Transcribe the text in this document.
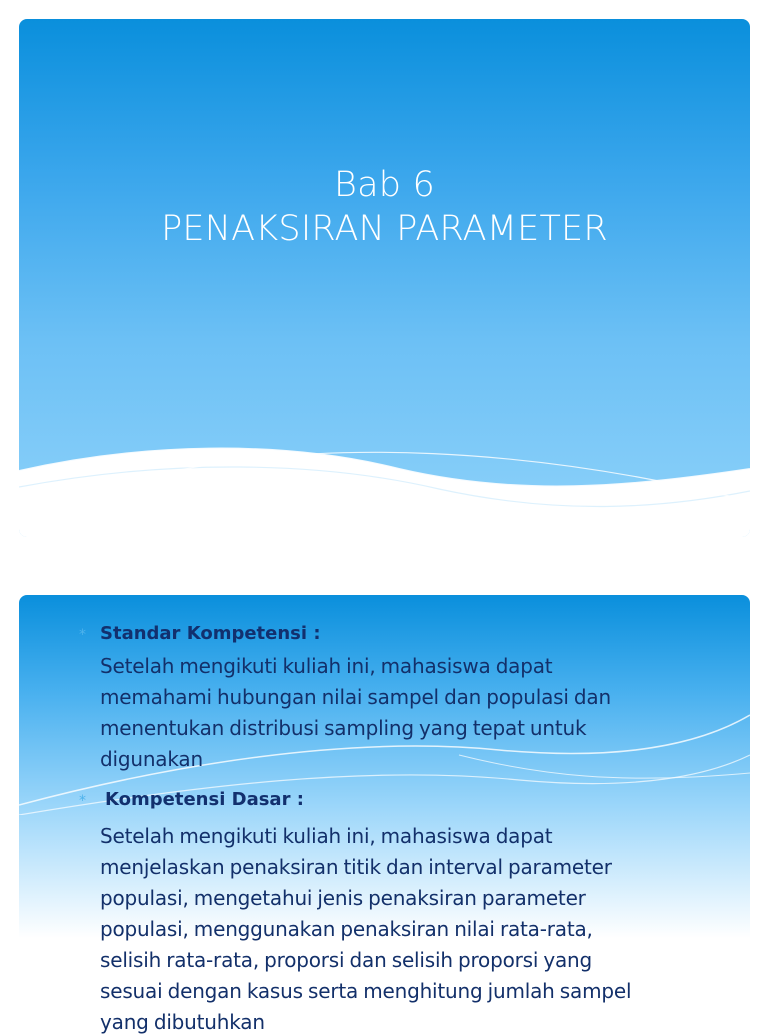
Bab 6
PENAKSIRAN PARAMETER
* Standar Kompetensi :
Setelah mengikuti kuliah ini, mahasiswa dapat
memahami hubungan nilai sampel dan populasi dan
menentukan distribusi sampling yang tepat untuk
digunakan
*	Kompetensi Dasar :
Setelah mengikuti kuliah ini, mahasiswa dapat
menjelaskan penaksiran titik dan interval parameter
populasi, mengetahui jenis penaksiran parameter
populasi, menggunakan penaksiran nilai rata-rata,
selisih rata-rata, proporsi dan selisih proporsi yang
sesuai dengan kasus serta menghitung jumlah sampel
yang dibutuhkan
